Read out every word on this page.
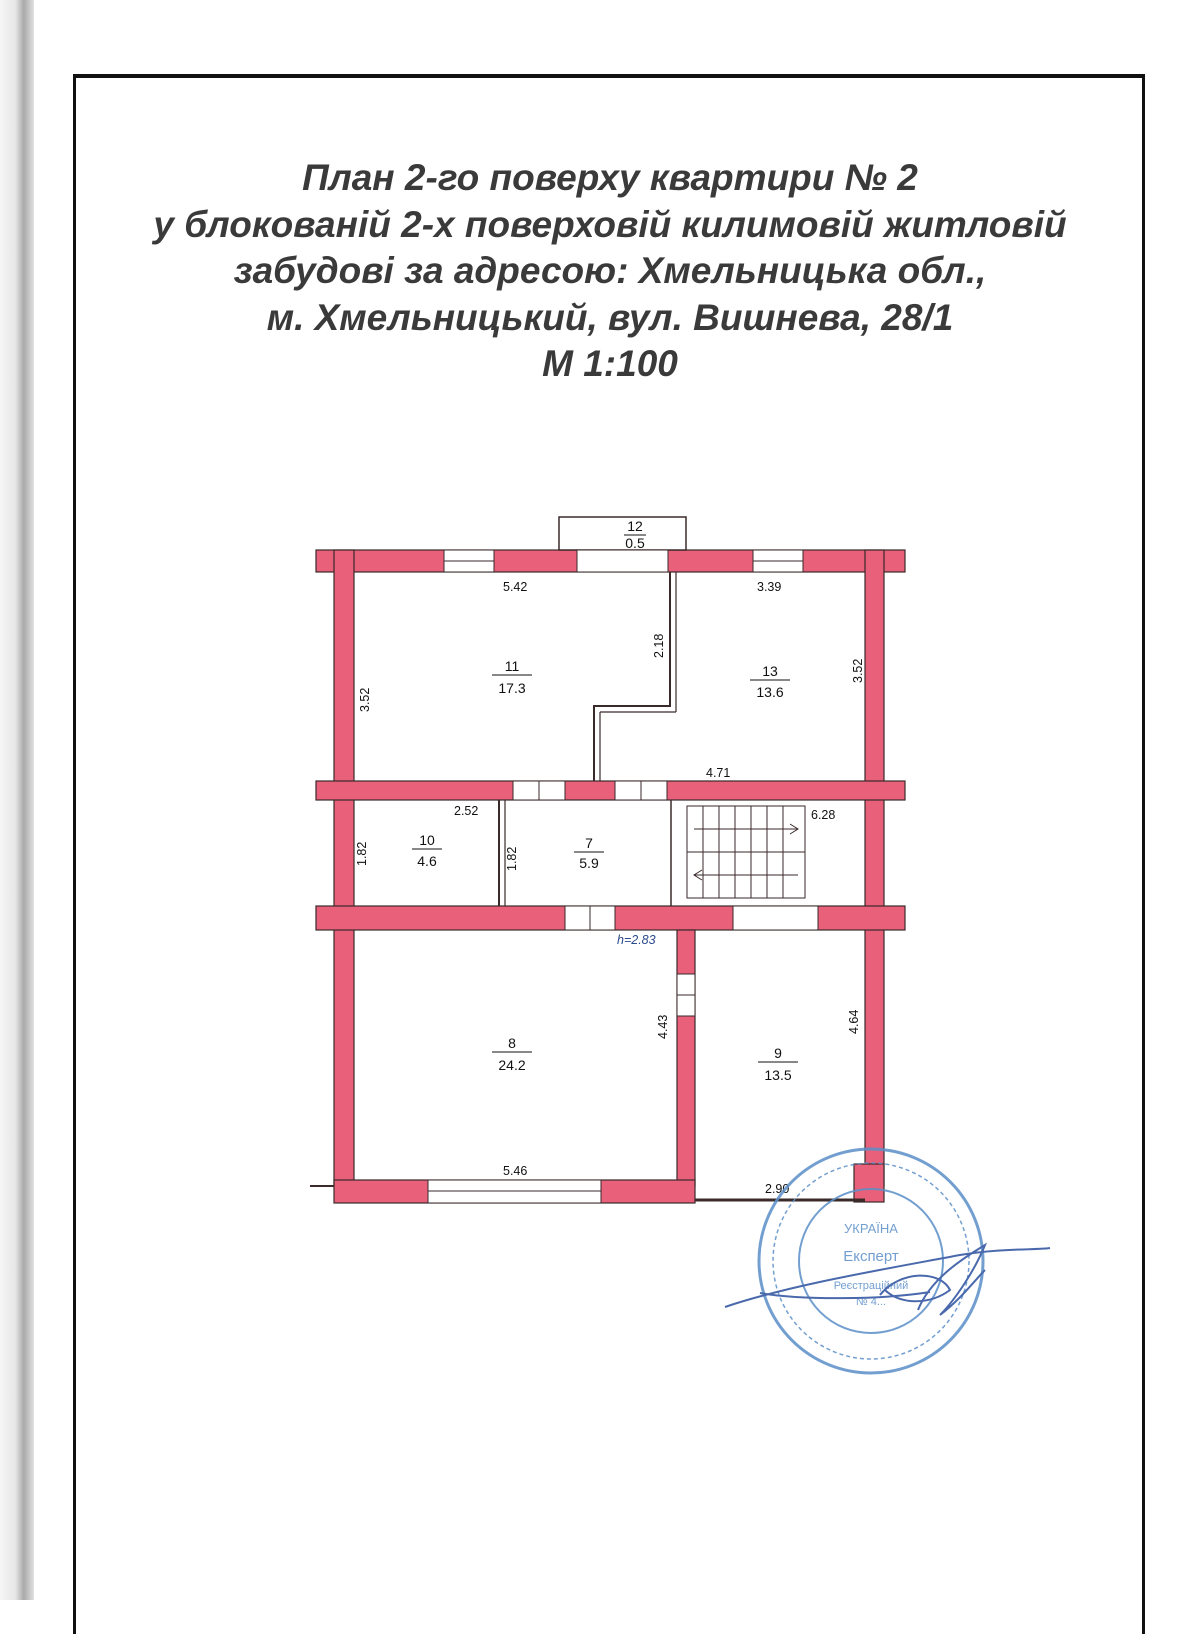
План 2-го поверху квартири № 2
у блокованій 2-х поверховій килимовій житловій
забудові за адресою: Хмельницька обл.,
м. Хмельницький, вул. Вишнева, 28/1
М 1:100
12
0.5
11
17.3
13
13.6
10
4.6
7
5.9
8
24.2
9
13.5
5.42
3.52
2.18
3.39
3.52
4.71
2.52
1.82	1.82
6.28
4.43
5.46
4.64
2.90
h=2.83
УКРАЇНА
Експерт
Реєстраційний
№ 4...
